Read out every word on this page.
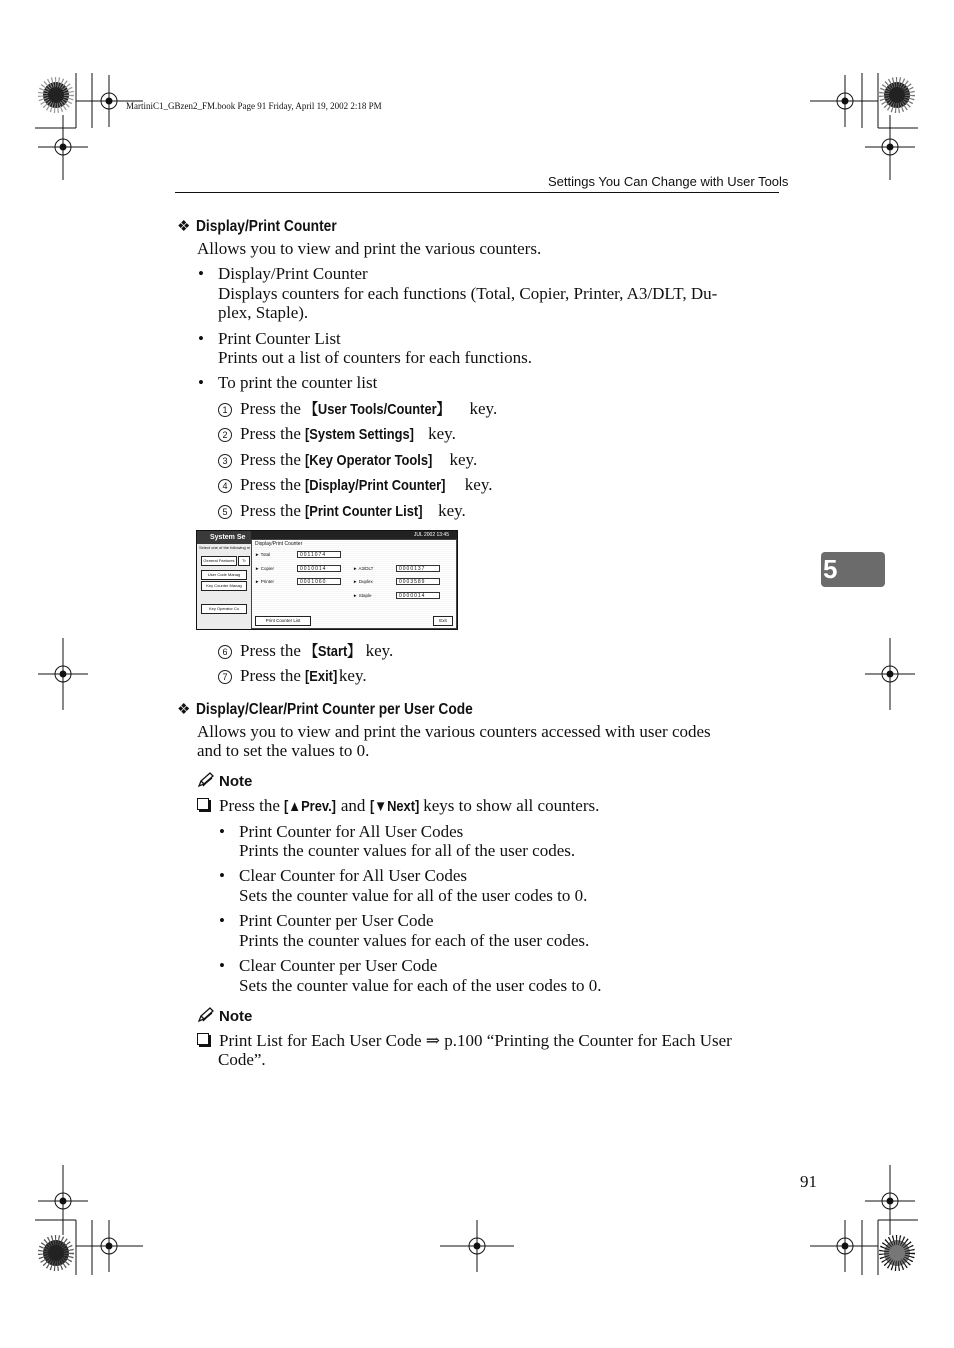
MartiniC1_GBzen2_FM.book Page 91 Friday, April 19, 2002 2:18 PM
Settings You Can Change with User Tools
5
❖ Display/Print Counter
Allows you to view and print the various counters.
• Display/Print Counter
Displays counters for each functions (Total, Copier, Printer, A3/DLT, Du-
plex, Staple).
• Print Counter List
Prints out a list of counters for each functions.
• To print the counter list
1 Press the 【User Tools/Counter】 key.
2 Press the [System Settings] key.
3 Press the [Key Operator Tools] key.
4 Press the [Display/Print Counter] key.
5 Press the [Print Counter List] key.
System Se
Select one of the following m
General Features	Tr
User Code Manag
Key Counter Manag
Key Operator Co
JUL 2002 13:45
Display/Print Counter
► Total	0011074
► Copier	0010014
► Printer	0001060
► A3/DLT	0000137
► Duplex	0003589
► Staple	0000014
Print Counter List	Exit
6 Press the 【Start】 key.
7 Press the [Exit] key.
❖ Display/Clear/Print Counter per User Code
Allows you to view and print the various counters accessed with user codes
and to set the values to 0.
Note
Press the [▲Prev.] and [▼Next] keys to show all counters.
• Print Counter for All User Codes
Prints the counter values for all of the user codes.
• Clear Counter for All User Codes
Sets the counter value for all of the user codes to 0.
• Print Counter per User Code
Prints the counter values for each of the user codes.
• Clear Counter per User Code
Sets the counter value for each of the user codes to 0.
Note
Print List for Each User Code ⇒ p.100 “Printing the Counter for Each User
Code”.
91
